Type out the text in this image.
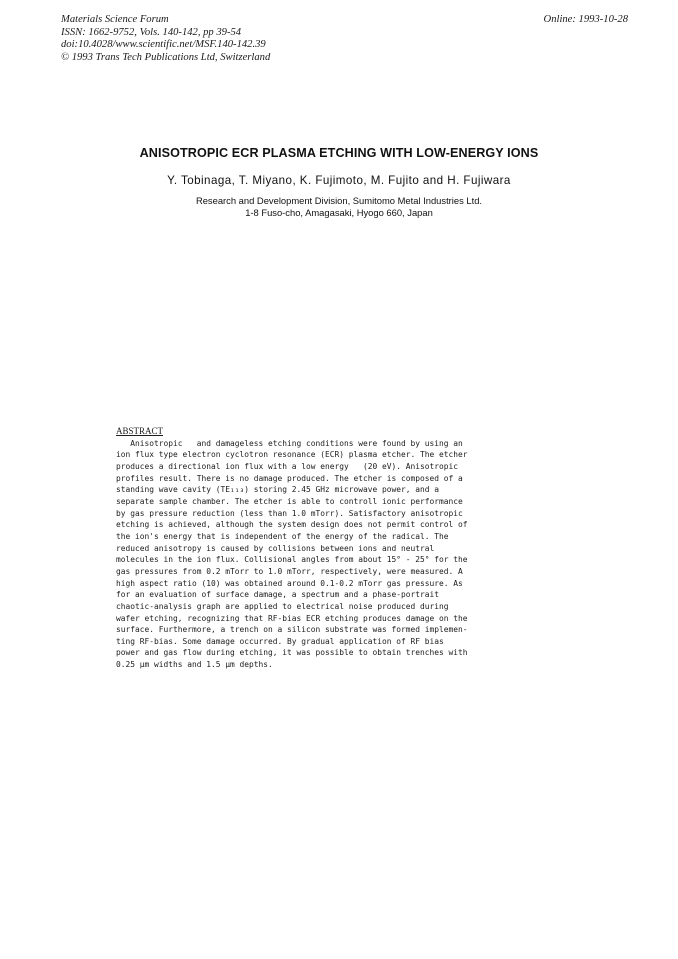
Materials Science Forum
ISSN: 1662-9752, Vols. 140-142, pp 39-54
doi:10.4028/www.scientific.net/MSF.140-142.39
© 1993 Trans Tech Publications Ltd, Switzerland
Online: 1993-10-28
ANISOTROPIC ECR PLASMA ETCHING WITH LOW-ENERGY IONS
Y. Tobinaga, T. Miyano, K. Fujimoto, M. Fujito and H. Fujiwara
Research and Development Division, Sumitomo Metal Industries Ltd.
1-8 Fuso-cho, Amagasaki, Hyogo 660, Japan
ABSTRACT
Anisotropic   and damageless etching conditions were found by using an
ion flux type electron cyclotron resonance (ECR) plasma etcher. The etcher
produces a directional ion flux with a low energy   (20 eV). Anisotropic
profiles result. There is no damage produced. The etcher is composed of a
standing wave cavity (TE₁₁₃) storing 2.45 GHz microwave power, and a
separate sample chamber. The etcher is able to controll ionic performance
by gas pressure reduction (less than 1.0 mTorr). Satisfactory anisotropic
etching is achieved, although the system design does not permit control of
the ion's energy that is independent of the energy of the radical. The
reduced anisotropy is caused by collisions between ions and neutral
molecules in the ion flux. Collisional angles from about 15° - 25° for the
gas pressures from 0.2 mTorr to 1.0 mTorr, respectively, were measured. A
high aspect ratio (10) was obtained around 0.1-0.2 mTorr gas pressure. As
for an evaluation of surface damage, a spectrum and a phase-portrait
chaotic-analysis graph are applied to electrical noise produced during
wafer etching, recognizing that RF-bias ECR etching produces damage on the
surface. Furthermore, a trench on a silicon substrate was formed implemen-
ting RF-bias. Some damage occurred. By gradual application of RF bias
power and gas flow during etching, it was possible to obtain trenches with
0.25 μm widths and 1.5 μm depths.
